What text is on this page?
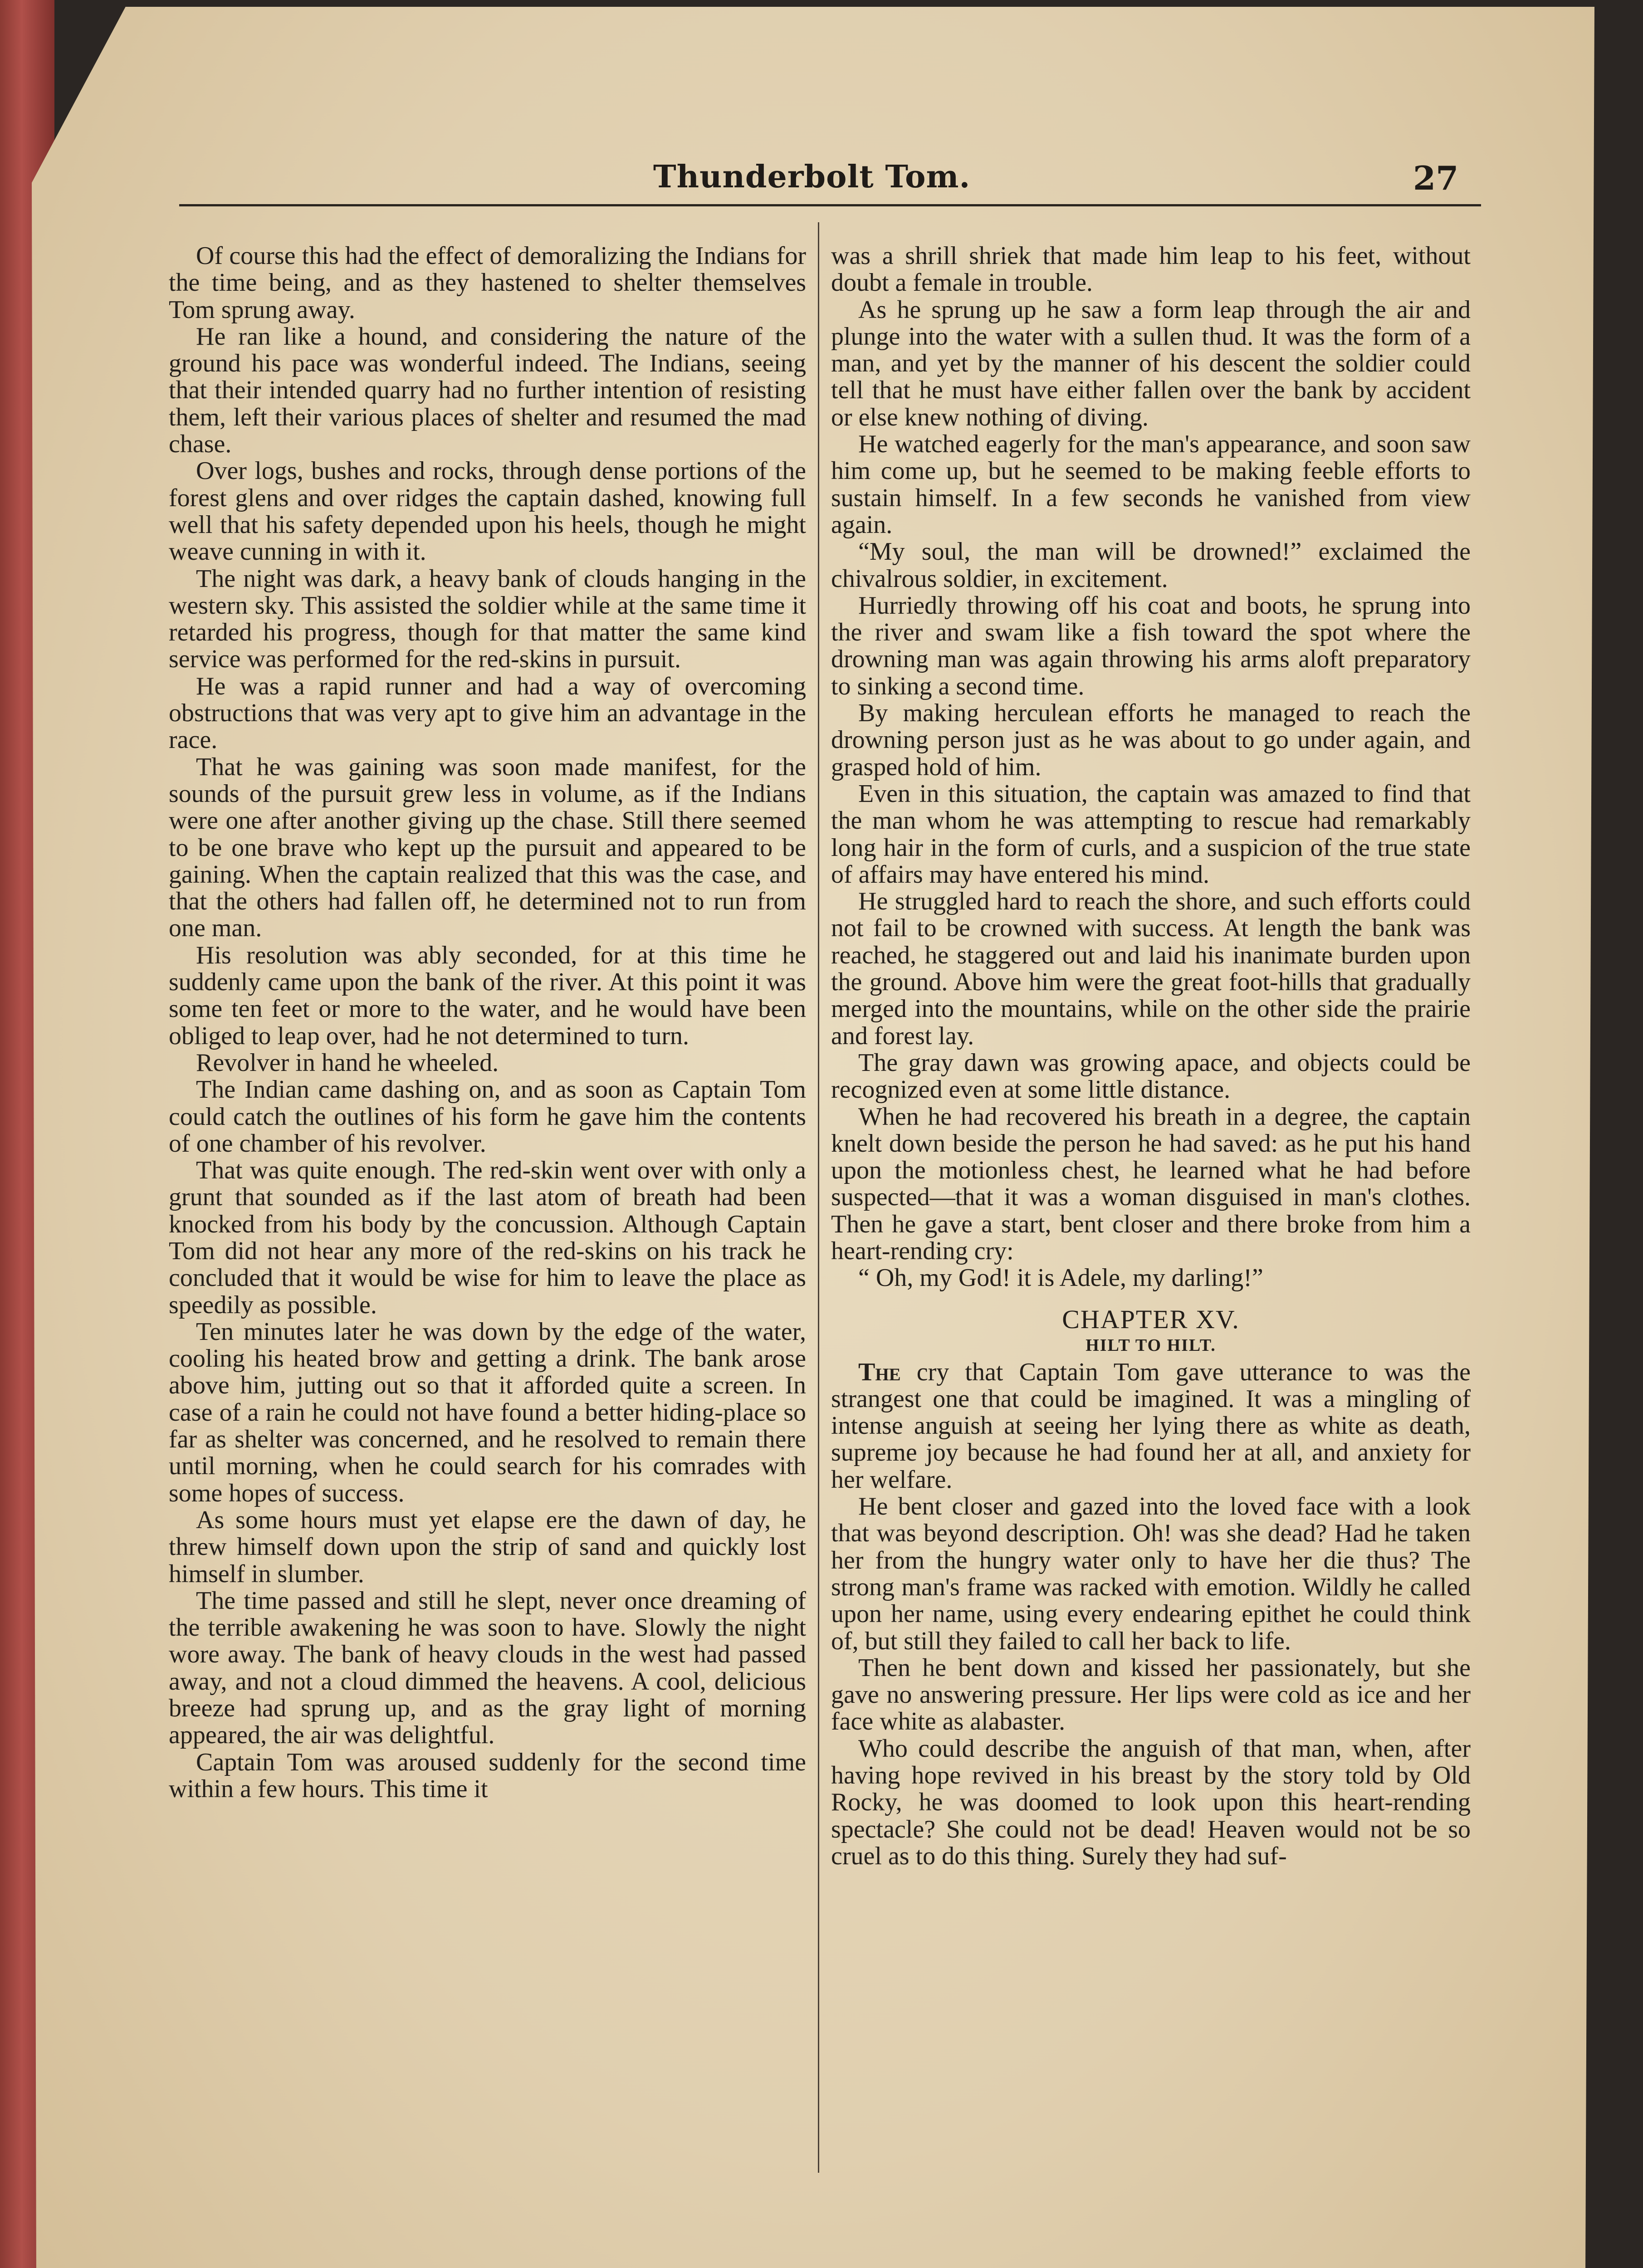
Thunderbolt Tom.	27

Of course this had the effect of demoralizing the Indians for the time being, and as they hastened to shelter themselves Tom sprung away.

He ran like a hound, and considering the nature of the ground his pace was wonderful indeed. The Indians, seeing that their intended quarry had no further intention of resisting them, left their various places of shelter and resumed the mad chase.

Over logs, bushes and rocks, through dense portions of the forest glens and over ridges the captain dashed, knowing full well that his safety depended upon his heels, though he might weave cunning in with it.

The night was dark, a heavy bank of clouds hanging in the western sky. This assisted the soldier while at the same time it retarded his progress, though for that matter the same kind service was performed for the red-skins in pursuit.

He was a rapid runner and had a way of overcoming obstructions that was very apt to give him an advantage in the race.

That he was gaining was soon made manifest, for the sounds of the pursuit grew less in volume, as if the Indians were one after another giving up the chase. Still there seemed to be one brave who kept up the pursuit and appeared to be gaining. When the captain realized that this was the case, and that the others had fallen off, he determined not to run from one man.

His resolution was ably seconded, for at this time he suddenly came upon the bank of the river. At this point it was some ten feet or more to the water, and he would have been obliged to leap over, had he not determined to turn.

Revolver in hand he wheeled.

The Indian came dashing on, and as soon as Captain Tom could catch the outlines of his form he gave him the contents of one chamber of his revolver.

That was quite enough. The red-skin went over with only a grunt that sounded as if the last atom of breath had been knocked from his body by the concussion. Although Captain Tom did not hear any more of the red-skins on his track he concluded that it would be wise for him to leave the place as speedily as possible.

Ten minutes later he was down by the edge of the water, cooling his heated brow and getting a drink. The bank arose above him, jutting out so that it afforded quite a screen. In case of a rain he could not have found a better hiding-place so far as shelter was concerned, and he resolved to remain there until morning, when he could search for his comrades with some hopes of success.

As some hours must yet elapse ere the dawn of day, he threw himself down upon the strip of sand and quickly lost himself in slumber.

The time passed and still he slept, never once dreaming of the terrible awakening he was soon to have. Slowly the night wore away. The bank of heavy clouds in the west had passed away, and not a cloud dimmed the heavens. A cool, delicious breeze had sprung up, and as the gray light of morning appeared, the air was delightful.

Captain Tom was aroused suddenly for the second time within a few hours. This time it

was a shrill shriek that made him leap to his feet, without doubt a female in trouble.

As he sprung up he saw a form leap through the air and plunge into the water with a sullen thud. It was the form of a man, and yet by the manner of his descent the soldier could tell that he must have either fallen over the bank by accident or else knew nothing of diving.

He watched eagerly for the man's appearance, and soon saw him come up, but he seemed to be making feeble efforts to sustain himself. In a few seconds he vanished from view again.

“My soul, the man will be drowned!” exclaimed the chivalrous soldier, in excitement.

Hurriedly throwing off his coat and boots, he sprung into the river and swam like a fish toward the spot where the drowning man was again throwing his arms aloft preparatory to sinking a second time.

By making herculean efforts he managed to reach the drowning person just as he was about to go under again, and grasped hold of him.

Even in this situation, the captain was amazed to find that the man whom he was attempting to rescue had remarkably long hair in the form of curls, and a suspicion of the true state of affairs may have entered his mind.

He struggled hard to reach the shore, and such efforts could not fail to be crowned with success. At length the bank was reached, he staggered out and laid his inanimate burden upon the ground. Above him were the great foot-hills that gradually merged into the mountains, while on the other side the prairie and forest lay.

The gray dawn was growing apace, and objects could be recognized even at some little distance.

When he had recovered his breath in a degree, the captain knelt down beside the person he had saved: as he put his hand upon the motionless chest, he learned what he had before suspected—that it was a woman disguised in man's clothes. Then he gave a start, bent closer and there broke from him a heart-rending cry:

“ Oh, my God! it is Adele, my darling!”

CHAPTER XV.
HILT TO HILT.

The cry that Captain Tom gave utterance to was the strangest one that could be imagined. It was a mingling of intense anguish at seeing her lying there as white as death, supreme joy because he had found her at all, and anxiety for her welfare.

He bent closer and gazed into the loved face with a look that was beyond description. Oh! was she dead? Had he taken her from the hungry water only to have her die thus? The strong man's frame was racked with emotion. Wildly he called upon her name, using every endearing epithet he could think of, but still they failed to call her back to life.

Then he bent down and kissed her passionately, but she gave no answering pressure. Her lips were cold as ice and her face white as alabaster.

Who could describe the anguish of that man, when, after having hope revived in his breast by the story told by Old Rocky, he was doomed to look upon this heart-rending spectacle? She could not be dead! Heaven would not be so cruel as to do this thing. Surely they had suf-
